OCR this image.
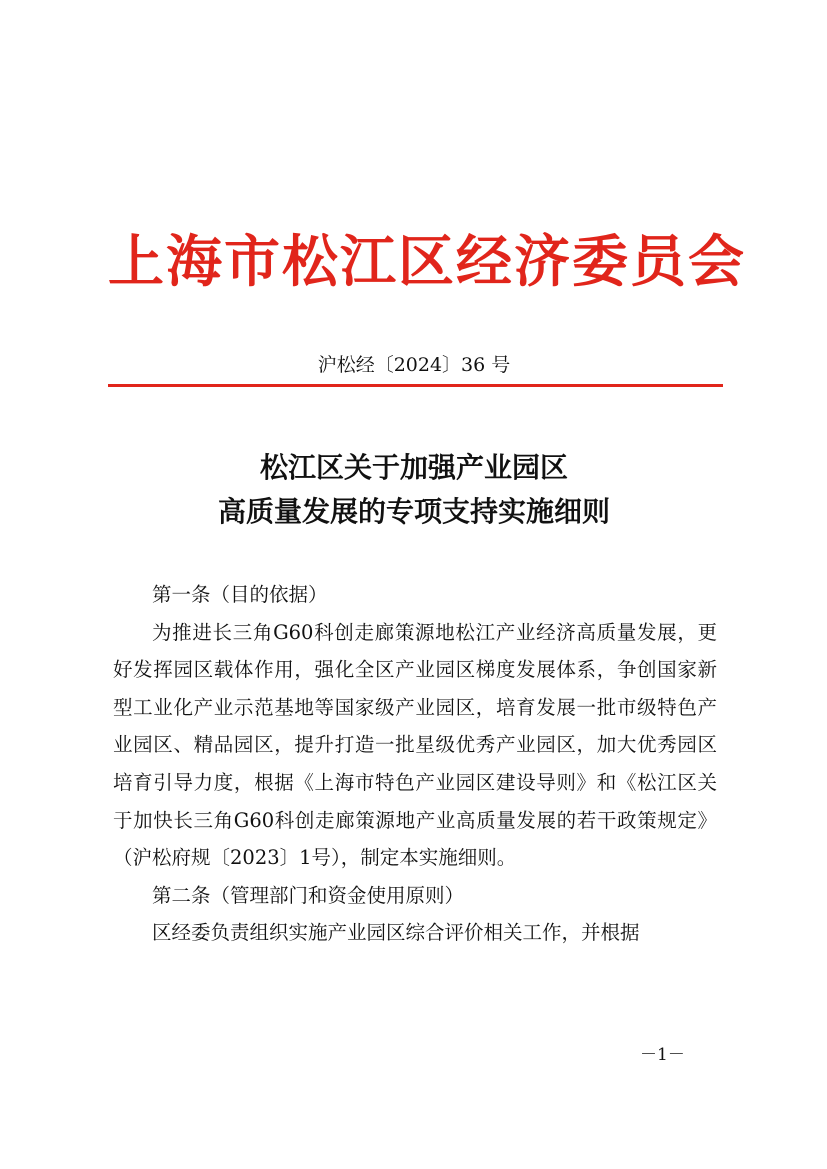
上海市松江区经济委员会
沪松经〔2024〕36 号
松江区关于加强产业园区
高质量发展的专项支持实施细则

第一条（目的依据）

为推进长三角G60科创走廊策源地松江产业经济高质量发展，更好发挥园区载体作用，强化全区产业园区梯度发展体系，争创国家新型工业化产业示范基地等国家级产业园区，培育发展一批市级特色产业园区、精品园区，提升打造一批星级优秀产业园区，加大优秀园区培育引导力度，根据《上海市特色产业园区建设导则》和《松江区关于加快长三角G60科创走廊策源地产业高质量发展的若干政策规定》（沪松府规〔2023〕1号），制定本实施细则。

第二条（管理部门和资金使用原则）

区经委负责组织实施产业园区综合评价相关工作，并根据

－1－
